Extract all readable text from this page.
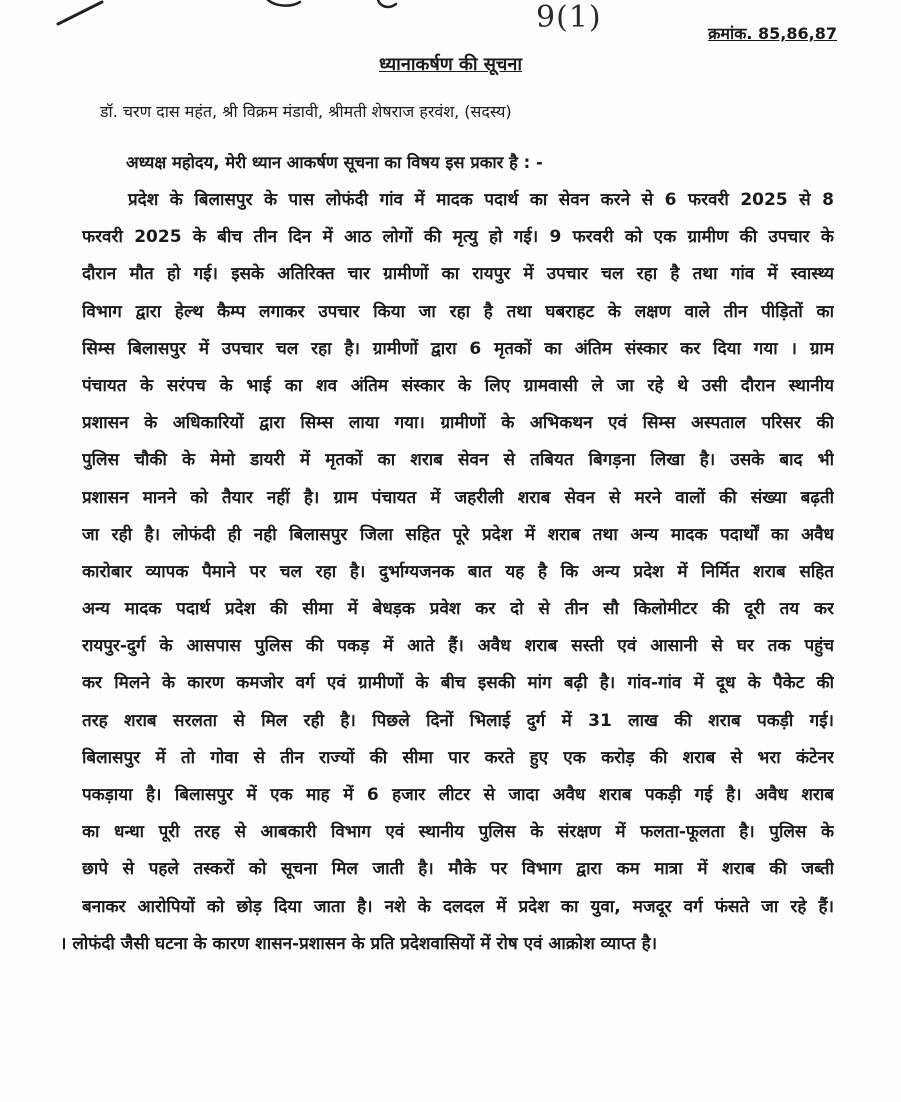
9(1)	क्रमांक. 85,86,87
ध्यानाकर्षण की सूचना
डॉ. चरण दास महंत, श्री विक्रम मंडावी, श्रीमती शेषराज हरवंश, (सदस्य)
अध्यक्ष महोदय, मेरी ध्यान आकर्षण सूचना का विषय इस प्रकार है : -
प्रदेश के बिलासपुर के पास लोफंदी गांव में मादक पदार्थ का सेवन करने से 6 फरवरी 2025 से 8
फरवरी 2025 के बीच तीन दिन में आठ लोगों की मृत्यु हो गई। 9 फरवरी को एक ग्रामीण की उपचार के
दौरान मौत हो गई। इसके अतिरिक्त चार ग्रामीणों का रायपुर में उपचार चल रहा है तथा गांव में स्वास्थ्य
विभाग द्वारा हेल्थ कैम्प लगाकर उपचार किया जा रहा है तथा घबराहट के लक्षण वाले तीन पीड़ितों का
सिम्स बिलासपुर में उपचार चल रहा है। ग्रामीणों द्वारा 6 मृतकों का अंतिम संस्कार कर दिया गया । ग्राम
पंचायत के सरंपच के भाई का शव अंतिम संस्कार के लिए ग्रामवासी ले जा रहे थे उसी दौरान स्थानीय
प्रशासन के अधिकारियों द्वारा सिम्स लाया गया। ग्रामीणों के अभिकथन एवं सिम्स अस्पताल परिसर की
पुलिस चौकी के मेमो डायरी में मृतकों का शराब सेवन से तबियत बिगड़ना लिखा है। उसके बाद भी
प्रशासन मानने को तैयार नहीं है। ग्राम पंचायत में जहरीली शराब सेवन से मरने वालों की संख्या बढ़ती
जा रही है। लोफंदी ही नही बिलासपुर जिला सहित पूरे प्रदेश में शराब तथा अन्य मादक पदार्थों का अवैध
कारोबार व्यापक पैमाने पर चल रहा है। दुर्भाग्यजनक बात यह है कि अन्य प्रदेश में निर्मित शराब सहित
अन्य मादक पदार्थ प्रदेश की सीमा में बेधड़क प्रवेश कर दो से तीन सौ किलोमीटर की दूरी तय कर
रायपुर-दुर्ग के आसपास पुलिस की पकड़ में आते हैं। अवैध शराब सस्ती एवं आसानी से घर तक पहुंच
कर मिलने के कारण कमजोर वर्ग एवं ग्रामीणों के बीच इसकी मांग बढ़ी है। गांव-गांव में दूध के पैकेट की
तरह शराब सरलता से मिल रही है। पिछले दिनों भिलाई दुर्ग में 31 लाख की शराब पकड़ी गई।
बिलासपुर में तो गोवा से तीन राज्यों की सीमा पार करते हुए एक करोड़ की शराब से भरा कंटेनर
पकड़ाया है। बिलासपुर में एक माह में 6 हजार लीटर से जादा अवैध शराब पकड़ी गई है। अवैध शराब
का धन्धा पूरी तरह से आबकारी विभाग एवं स्थानीय पुलिस के संरक्षण में फलता-फूलता है। पुलिस के
छापे से पहले तस्करों को सूचना मिल जाती है। मौके पर विभाग द्वारा कम मात्रा में शराब की जब्ती
बनाकर आरोपियों को छोड़ दिया जाता है। नशे के दलदल में प्रदेश का युवा, मजदूर वर्ग फंसते जा रहे हैं।
। लोफंदी जैसी घटना के कारण शासन-प्रशासन के प्रति प्रदेशवासियों में रोष एवं आक्रोश व्याप्त है।
